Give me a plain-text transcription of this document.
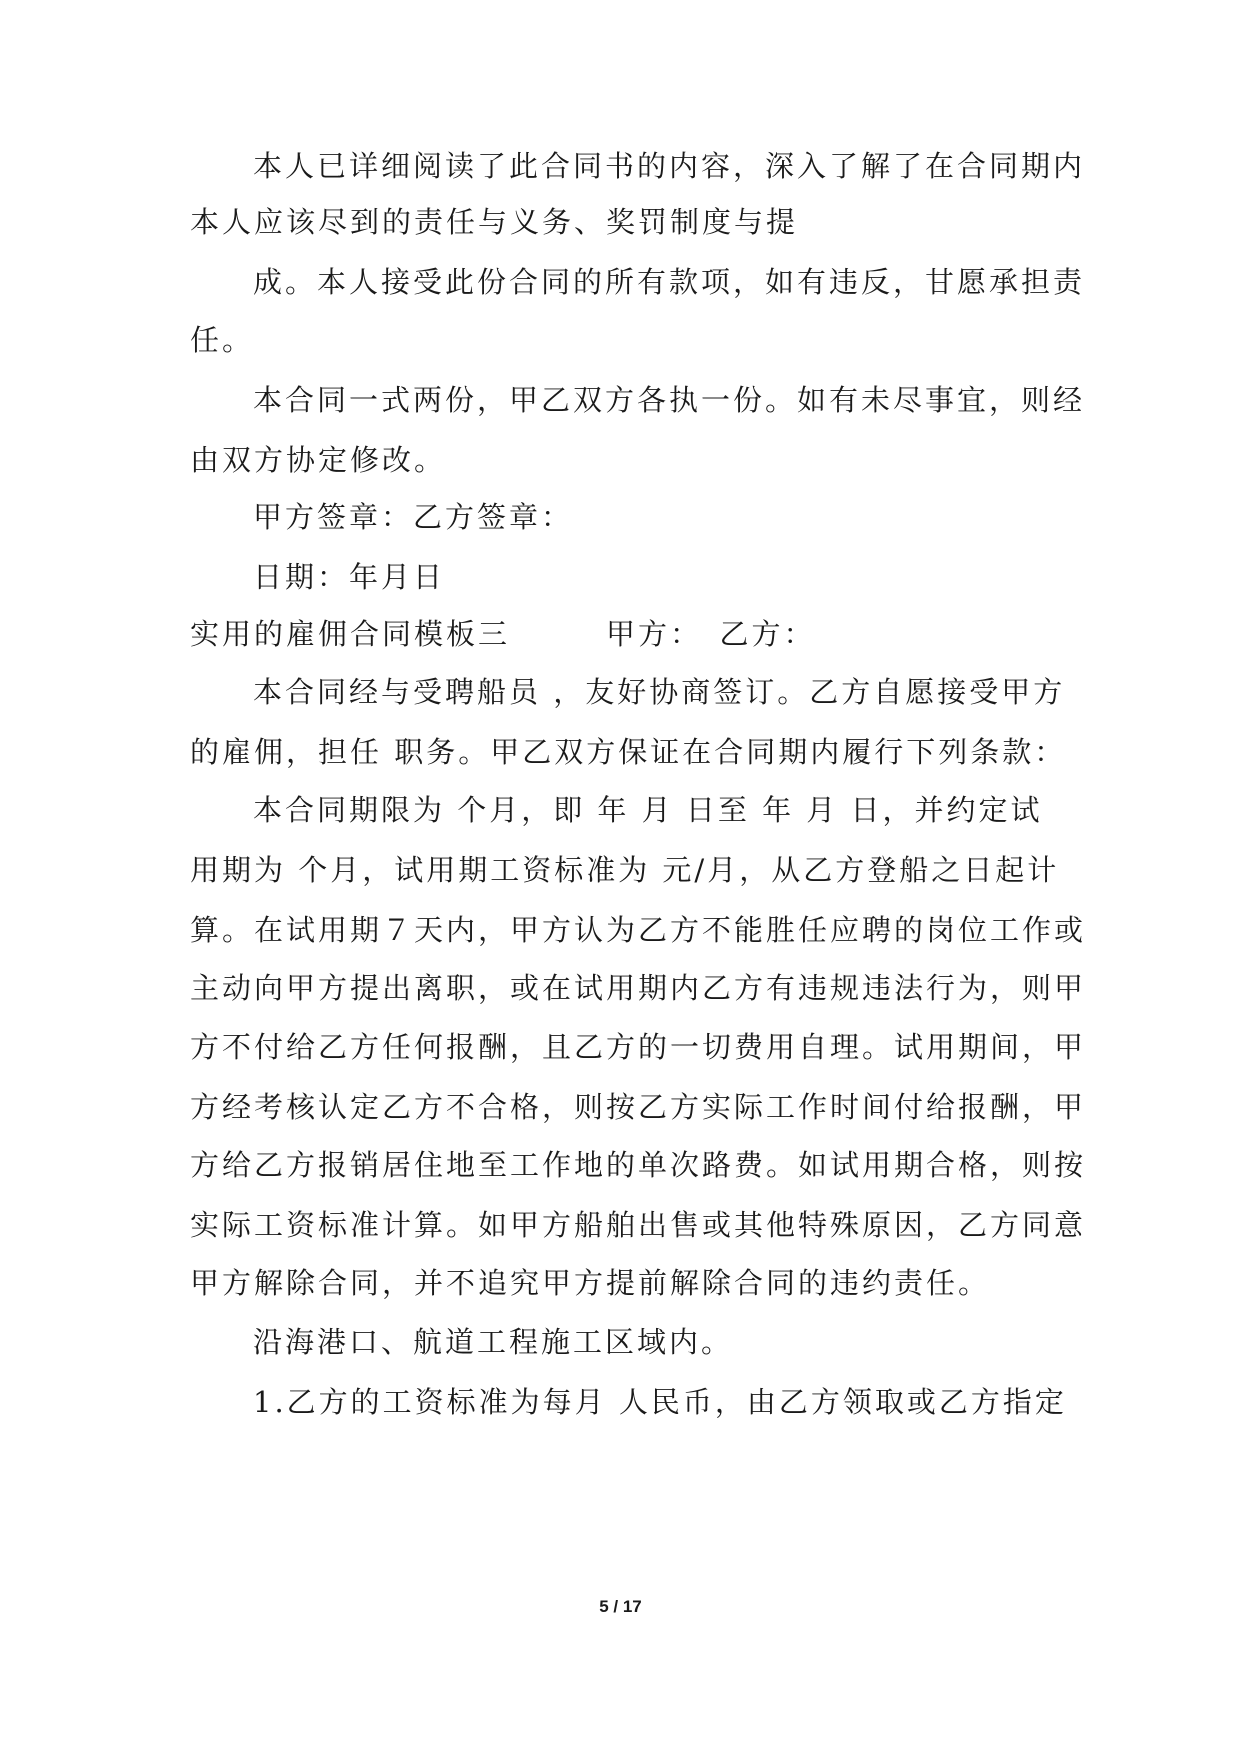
本人已详细阅读了此合同书的内容，深入了解了在合同期内
本人应该尽到的责任与义务、奖罚制度与提
成。本人接受此份合同的所有款项，如有违反，甘愿承担责
任。
本合同一式两份，甲乙双方各执一份。如有未尽事宜，则经
由双方协定修改。
甲方签章：乙方签章：
日期：年月日
实用的雇佣合同模板三　　　甲方：　乙方：
本合同经与受聘船员 ，友好协商签订。乙方自愿接受甲方
的雇佣，担任 职务。甲乙双方保证在合同期内履行下列条款：
本合同期限为 个月，即 年 月 日至 年 月 日，并约定试
用期为 个月，试用期工资标准为 元/月，从乙方登船之日起计
算。在试用期７天内，甲方认为乙方不能胜任应聘的岗位工作或
主动向甲方提出离职，或在试用期内乙方有违规违法行为，则甲
方不付给乙方任何报酬，且乙方的一切费用自理。试用期间，甲
方经考核认定乙方不合格，则按乙方实际工作时间付给报酬，甲
方给乙方报销居住地至工作地的单次路费。如试用期合格，则按
实际工资标准计算。如甲方船舶出售或其他特殊原因，乙方同意
甲方解除合同，并不追究甲方提前解除合同的违约责任。
沿海港口、航道工程施工区域内。
1.乙方的工资标准为每月 人民币，由乙方领取或乙方指定
5 / 17
